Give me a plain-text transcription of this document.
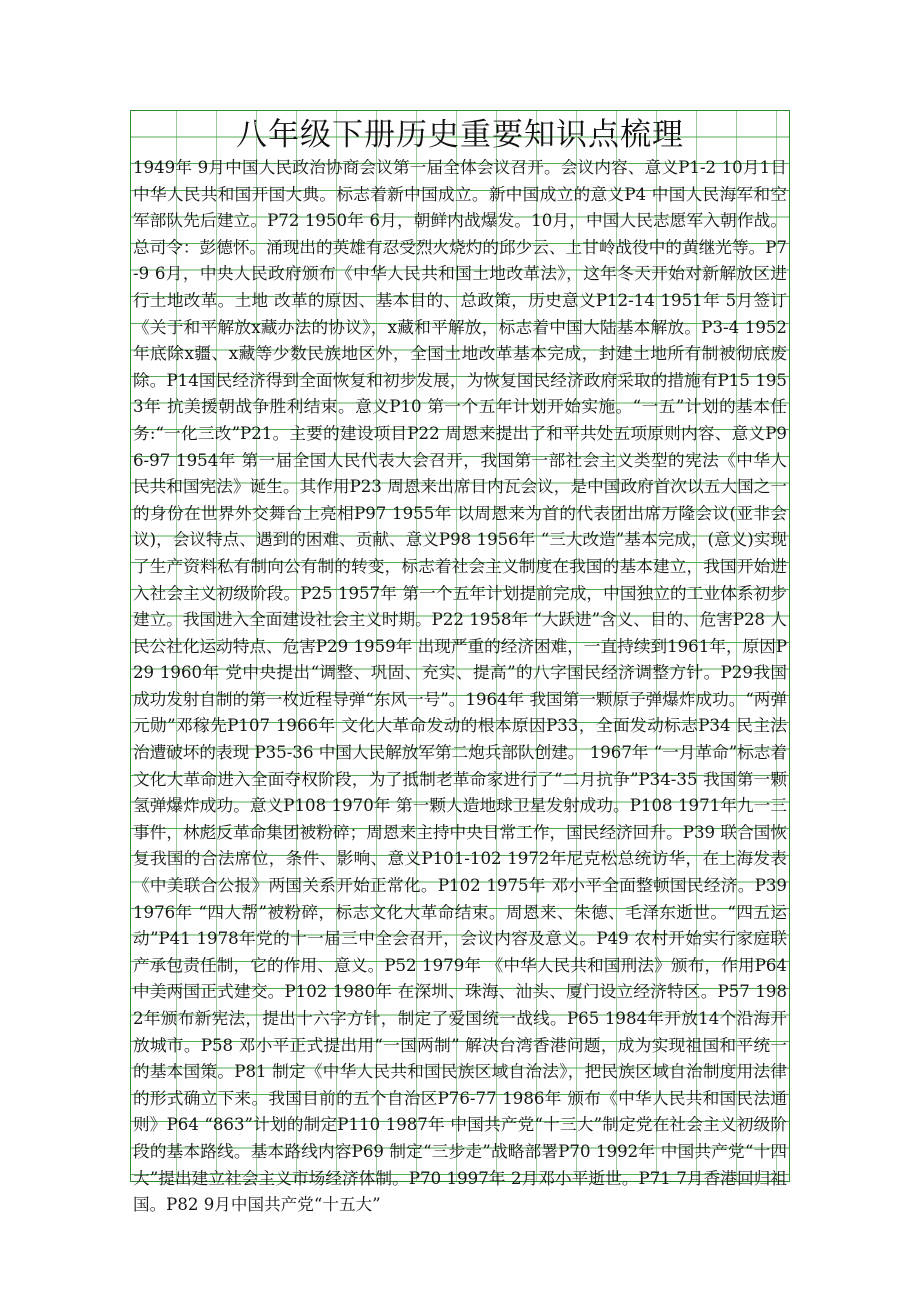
八年级下册历史重要知识点梳理

1949年 9月中国人民政治协商会议第一届全体会议召开。会议内容、意义P1-2 10月1日中华人民共和国开国大典。标志着新中国成立。新中国成立的意义P4 中国人民海军和空军部队先后建立。P72 1950年 6月，朝鲜内战爆发。10月，中国人民志愿军入朝作战。总司令：彭德怀。涌现出的英雄有忍受烈火烧灼的邱少云、上甘岭战役中的黄继光等。P7-9 6月，中央人民政府颁布《中华人民共和国土地改革法》，这年冬天开始对新解放区进行土地改革。土地 改革的原因、基本目的、总政策，历史意义P12-14 1951年 5月签订《关于和平解放x藏办法的协议》，x藏和平解放，标志着中国大陆基本解放。P3-4 1952年底除x疆、x藏等少数民族地区外，全国土地改革基本完成，封建土地所有制被彻底废除。P14国民经济得到全面恢复和初步发展，为恢复国民经济政府采取的措施有P15 1953年 抗美援朝战争胜利结束。意义P10 第一个五年计划开始实施。“一五”计划的基本任务:“一化三改”P21。主要的建设项目P22 周恩来提出了和平共处五项原则内容、意义P96-97 1954年 第一届全国人民代表大会召开，我国第一部社会主义类型的宪法《中华人民共和国宪法》诞生。其作用P23 周恩来出席日内瓦会议，是中国政府首次以五大国之一的身份在世界外交舞台上亮相P97 1955年 以周恩来为首的代表团出席万隆会议(亚非会议)，会议特点、遇到的困难、贡献、意义P98 1956年 “三大改造”基本完成，(意义)实现了生产资料私有制向公有制的转变，标志着社会主义制度在我国的基本建立，我国开始进入社会主义初级阶段。P25 1957年 第一个五年计划提前完成，中国独立的工业体系初步建立。我国进入全面建设社会主义时期。P22 1958年 “大跃进”含义、目的、危害P28 人民公社化运动特点、危害P29 1959年 出现严重的经济困难，一直持续到1961年，原因P29 1960年 党中央提出“调整、巩固、充实、提高”的八字国民经济调整方针。P29我国成功发射自制的第一枚近程导弹“东风一号”。1964年 我国第一颗原子弹爆炸成功。“两弹元勋”邓稼先P107 1966年 文化大革命发动的根本原因P33，全面发动标志P34 民主法治遭破坏的表现 P35-36 中国人民解放军第二炮兵部队创建。 1967年 “一月革命”标志着文化大革命进入全面夺权阶段，为了抵制老革命家进行了“二月抗争”P34-35 我国第一颗氢弹爆炸成功。意义P108 1970年 第一颗人造地球卫星发射成功。P108 1971年九一三事件，林彪反革命集团被粉碎；周恩来主持中央日常工作，国民经济回升。P39 联合国恢复我国的合法席位，条件、影响、意义P101-102 1972年尼克松总统访华，在上海发表《中美联合公报》两国关系开始正常化。P102 1975年 邓小平全面整顿国民经济。P39 1976年 “四人帮”被粉碎，标志文化大革命结束。周恩来、朱德、毛泽东逝世。“四五运动”P41 1978年党的十一届三中全会召开，会议内容及意义。P49 农村开始实行家庭联产承包责任制，它的作用、意义。P52 1979年 《中华人民共和国刑法》颁布，作用P64 中美两国正式建交。P102 1980年 在深圳、珠海、汕头、厦门设立经济特区。P57 1982年颁布新宪法，提出十六字方针，制定了爱国统一战线。P65 1984年开放14个沿海开放城市。P58 邓小平正式提出用“一国两制” 解决台湾香港问题，成为实现祖国和平统一的基本国策。P81 制定《中华人民共和国民族区域自治法》，把民族区域自治制度用法律的形式确立下来。我国目前的五个自治区P76-77 1986年 颁布《中华人民共和国民法通则》P64 “863”计划的制定P110 1987年 中国共产党“十三大”制定党在社会主义初级阶段的基本路线。基本路线内容P69 制定“三步走”战略部署P70 1992年 中国共产党“十四大”提出建立社会主义市场经济体制。P70 1997年 2月邓小平逝世。P71 7月香港回归祖国。P82 9月中国共产党“十五大”
